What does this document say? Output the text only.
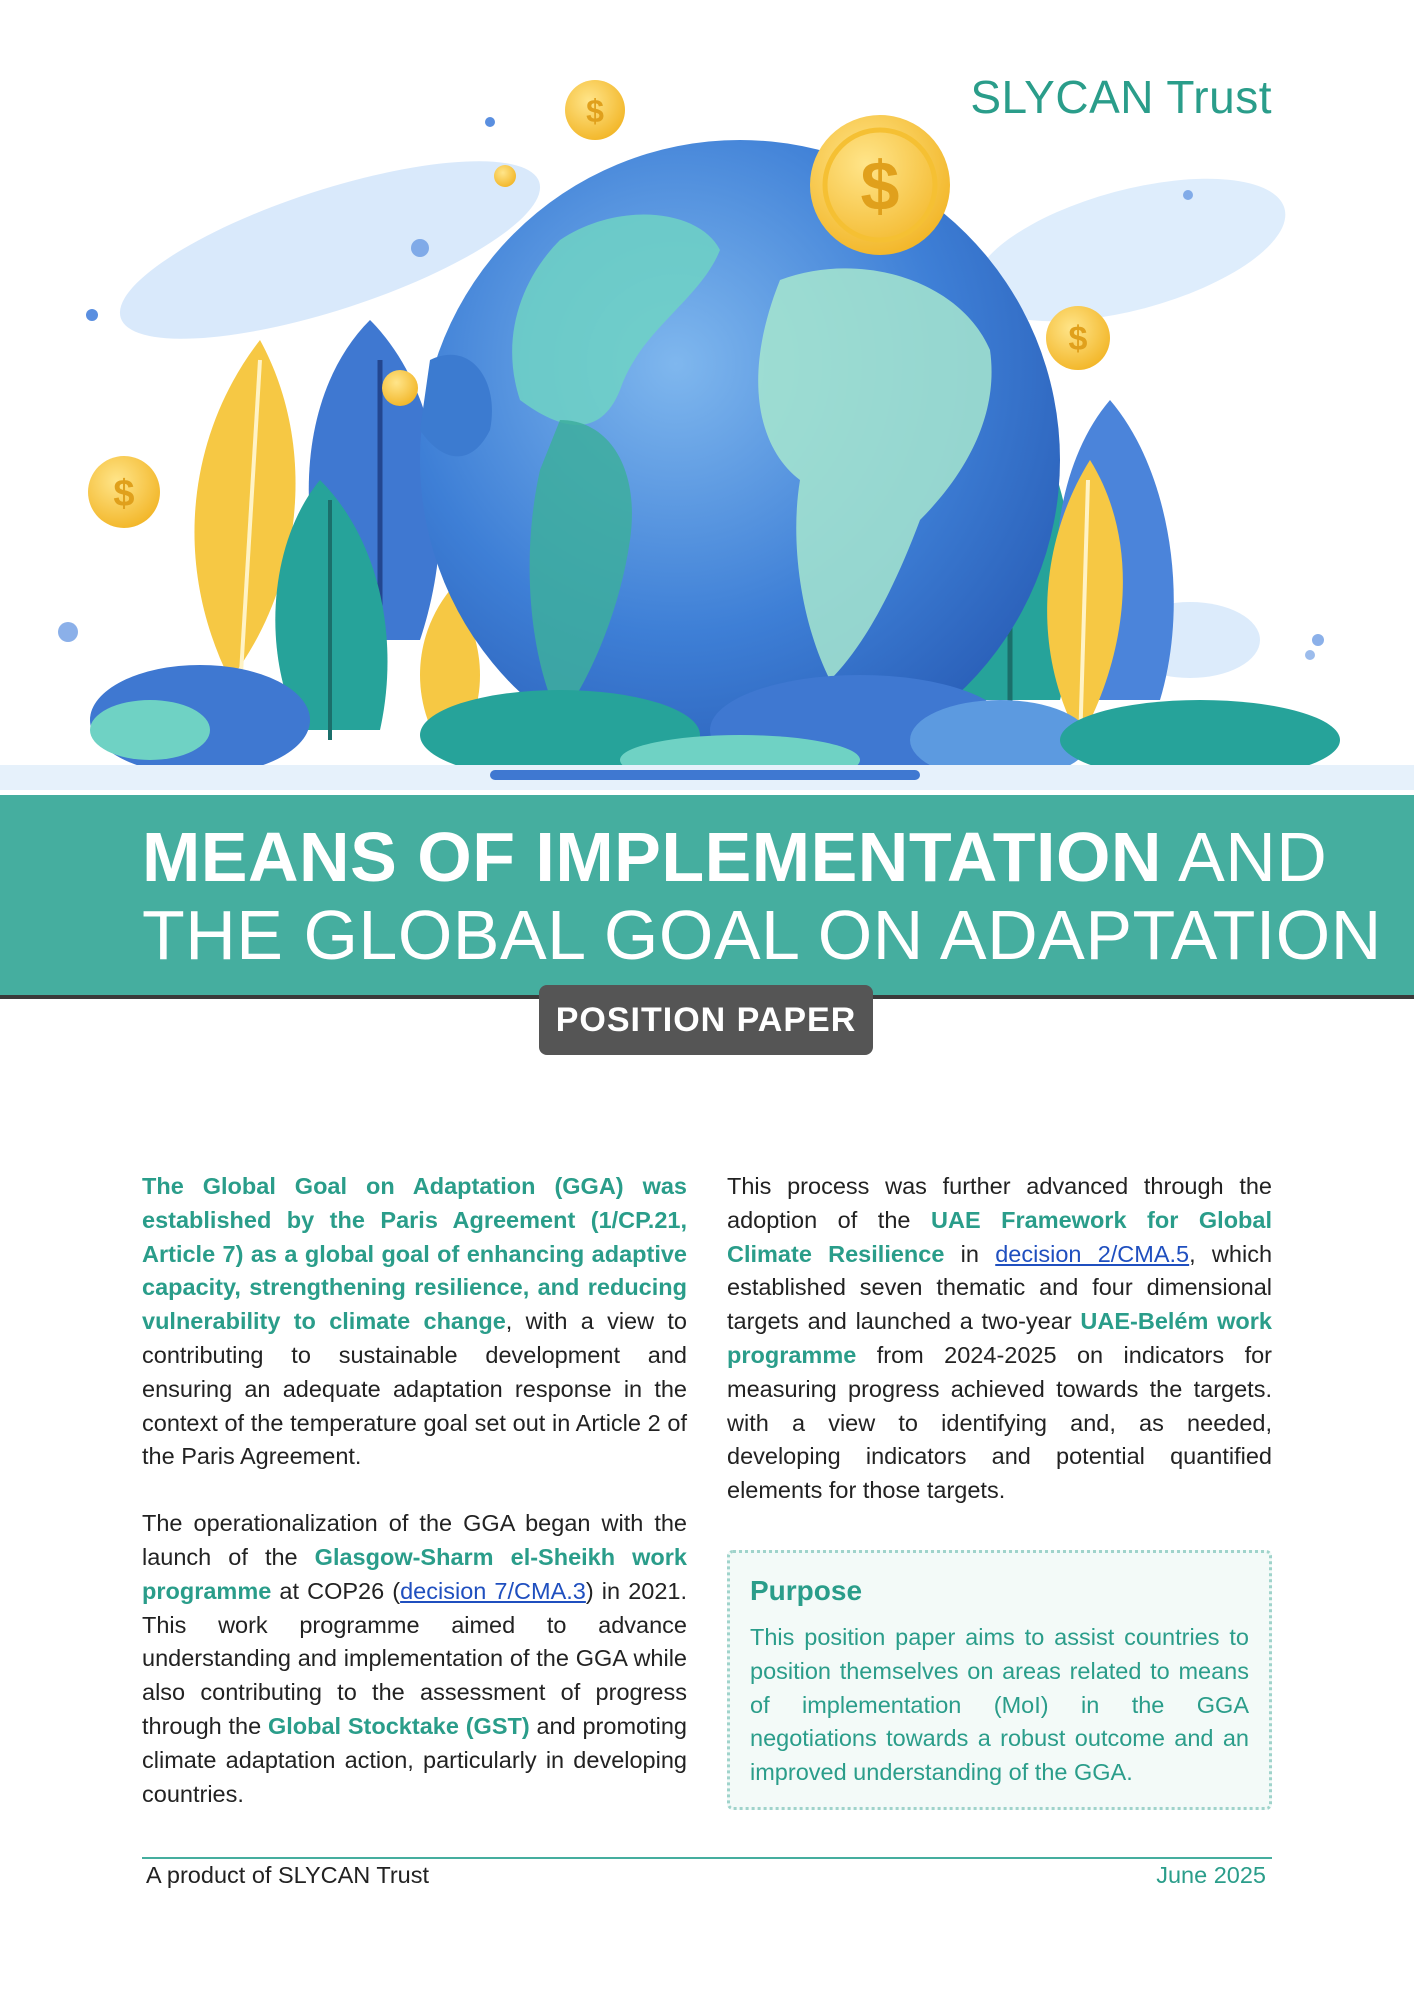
$
$
$
$
SLYCAN Trust
MEANS OF IMPLEMENTATION AND
THE GLOBAL GOAL ON ADAPTATION
POSITION PAPER

The Global Goal on Adaptation (GGA) was established by the Paris Agreement (1/CP.21, Article 7) as a global goal of enhancing adaptive capacity, strengthening resilience, and reducing vulnerability to climate change, with a view to contributing to sustainable development and ensuring an adequate adaptation response in the context of the temperature goal set out in Article 2 of the Paris Agreement.

The operationalization of the GGA began with the launch of the Glasgow-Sharm el-Sheikh work programme at COP26 (decision 7/CMA.3) in 2021. This work programme aimed to advance understanding and implementation of the GGA while also contributing to the assessment of progress through the Global Stocktake (GST) and promoting climate adaptation action, particularly in developing countries.

This process was further advanced through the adoption of the UAE Framework for Global Climate Resilience in decision 2/CMA.5, which established seven thematic and four dimensional targets and launched a two-year UAE-Belém work programme from 2024-2025 on indicators for measuring progress achieved towards the targets. with a view to identifying and, as needed, developing indicators and potential quantified elements for those targets.

Purpose

This position paper aims to assist countries to position themselves on areas related to means of implementation (MoI) in the GGA negotiations towards a robust outcome and an improved understanding of the GGA.

A product of SLYCAN Trust	June 2025
